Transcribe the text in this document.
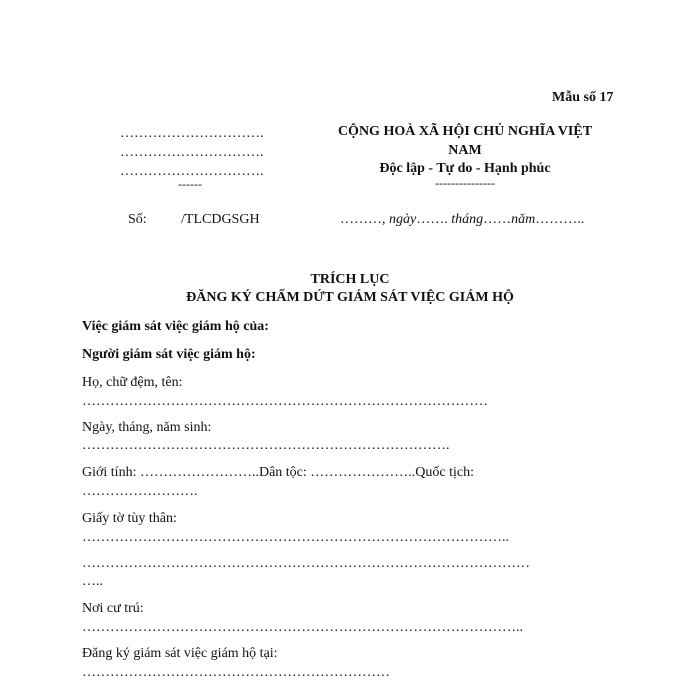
Mẫu số 17
………………………….
………………………….
………………………….
------
CỘNG HOÀ XÃ HỘI CHỦ NGHĨA VIỆT
NAM
Độc lập - Tự do - Hạnh phúc
---------------
Số: /TLCDGSGH	………, ngày……. tháng……năm………..
TRÍCH LỤC
ĐĂNG KÝ CHẤM DỨT GIÁM SÁT VIỆC GIÁM HỘ
Việc giám sát việc giám hộ của:
Người giám sát việc giám hộ:
Họ, chữ đệm, tên:
……………………………………………………………………………
Ngày, tháng, năm sinh:
…………………………………………………………………….
Giới tính: ……………………..Dân tộc: …………………..Quốc tịch:
…………………….
Giấy tờ tùy thân:
………………………………………………………………………………..
……………………………………………………………………………………
…..
Nơi cư trú:
…………………………………………………………………………………..
Đăng ký giám sát việc giám hộ tại:
…………………………………………………………
